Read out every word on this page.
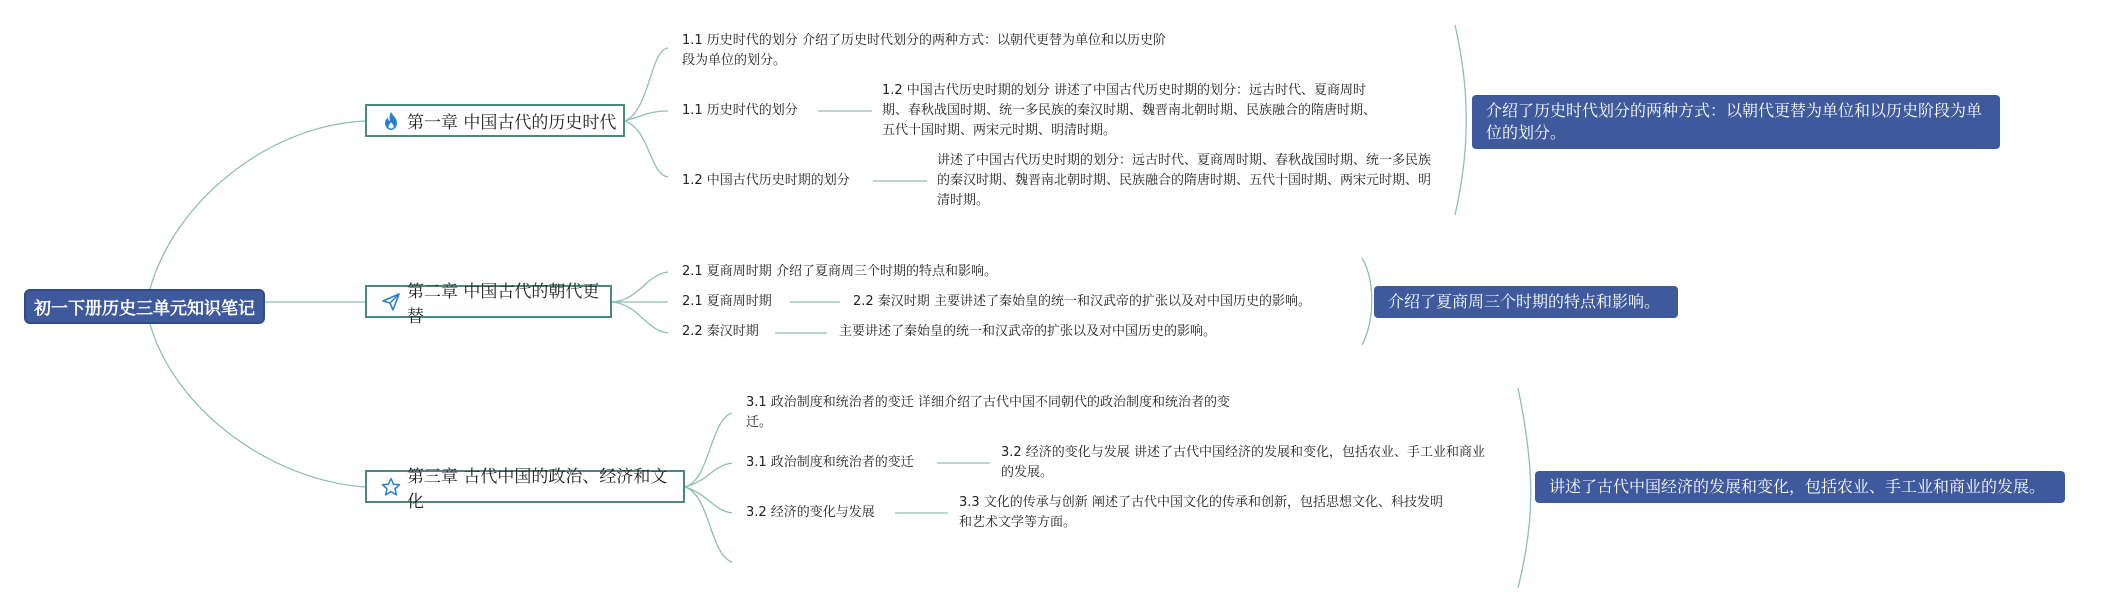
初一下册历史三单元知识笔记
第一章 中国古代的历史时代
1.1 历史时代的划分 介绍了历史时代划分的两种方式：以朝代更替为单位和以历史阶段为单位的划分。
1.1 历史时代的划分
1.2 中国古代历史时期的划分 讲述了中国古代历史时期的划分：远古时代、夏商周时期、春秋战国时期、统一多民族的秦汉时期、魏晋南北朝时期、民族融合的隋唐时期、五代十国时期、两宋元时期、明清时期。
1.2 中国古代历史时期的划分
讲述了中国古代历史时期的划分：远古时代、夏商周时期、春秋战国时期、统一多民族的秦汉时期、魏晋南北朝时期、民族融合的隋唐时期、五代十国时期、两宋元时期、明清时期。
介绍了历史时代划分的两种方式：以朝代更替为单位和以历史阶段为单位的划分。
第二章 中国古代的朝代更替
2.1 夏商周时期 介绍了夏商周三个时期的特点和影响。
2.1 夏商周时期	2.2 秦汉时期 主要讲述了秦始皇的统一和汉武帝的扩张以及对中国历史的影响。
2.2 秦汉时期	主要讲述了秦始皇的统一和汉武帝的扩张以及对中国历史的影响。
介绍了夏商周三个时期的特点和影响。
第三章 古代中国的政治、经济和文化
3.1 政治制度和统治者的变迁 详细介绍了古代中国不同朝代的政治制度和统治者的变迁。
3.1 政治制度和统治者的变迁
3.2 经济的变化与发展 讲述了古代中国经济的发展和变化，包括农业、手工业和商业的发展。
3.2 经济的变化与发展
3.3 文化的传承与创新 阐述了古代中国文化的传承和创新，包括思想文化、科技发明和艺术文学等方面。
讲述了古代中国经济的发展和变化，包括农业、手工业和商业的发展。
